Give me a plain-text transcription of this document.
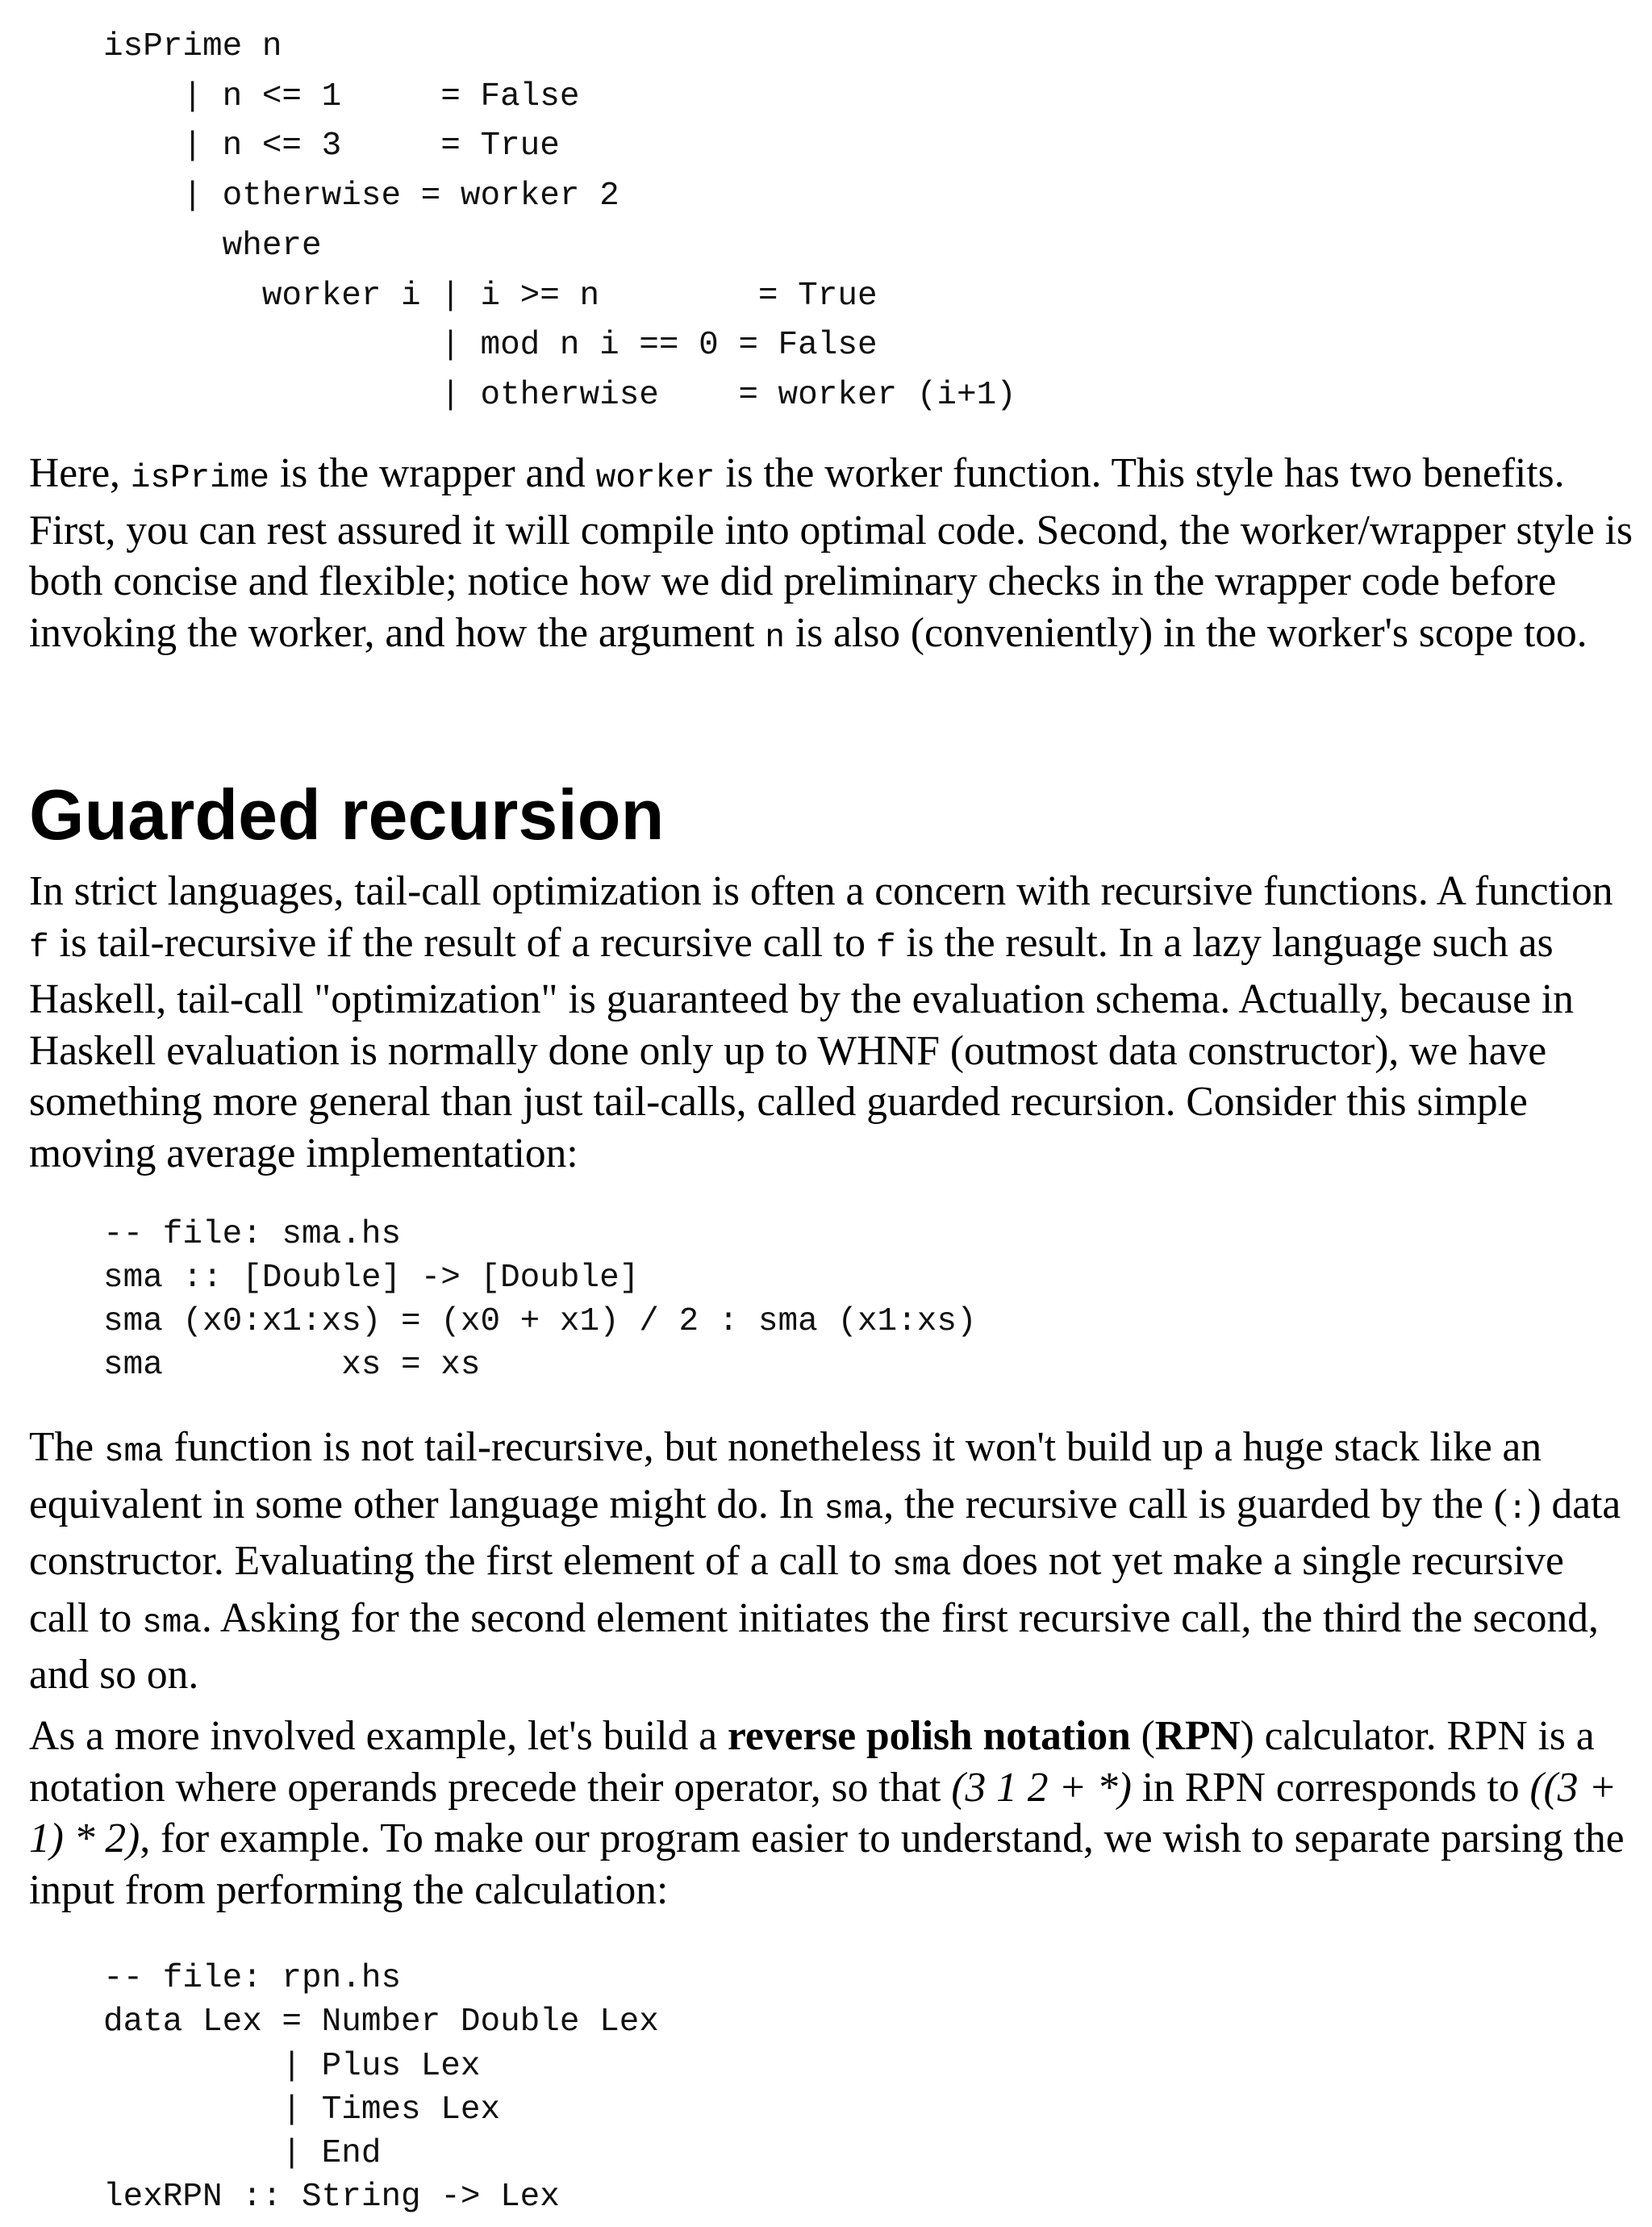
isPrime n
| n <= 1     = False
| n <= 3     = True
| otherwise = worker 2
where
worker i | i >= n        = True
| mod n i == 0 = False
| otherwise    = worker (i+1)

Here, isPrime is the wrapper and worker is the worker function. This style has two benefits. First, you can rest assured it will compile into optimal code. Second, the worker/wrapper style is both concise and flexible; notice how we did preliminary checks in the wrapper code before invoking the worker, and how the argument n is also (conveniently) in the worker's scope too.

Guarded recursion

In strict languages, tail-call optimization is often a concern with recursive functions. A function f is tail-recursive if the result of a recursive call to f is the result. In a lazy language such as Haskell, tail-call "optimization" is guaranteed by the evaluation schema. Actually, because in Haskell evaluation is normally done only up to WHNF (outmost data constructor), we have something more general than just tail-calls, called guarded recursion. Consider this simple moving average implementation:

-- file: sma.hs
sma :: [Double] -> [Double]
sma (x0:x1:xs) = (x0 + x1) / 2 : sma (x1:xs)
sma         xs = xs

The sma function is not tail-recursive, but nonetheless it won't build up a huge stack like an equivalent in some other language might do. In sma, the recursive call is guarded by the (:) data constructor. Evaluating the first element of a call to sma does not yet make a single recursive call to sma. Asking for the second element initiates the first recursive call, the third the second, and so on.

As a more involved example, let's build a reverse polish notation (RPN) calculator. RPN is a notation where operands precede their operator, so that (3 1 2 + *) in RPN corresponds to ((3 + 1) * 2), for example. To make our program easier to understand, we wish to separate parsing the input from performing the calculation:

-- file: rpn.hs
data Lex = Number Double Lex
| Plus Lex
| Times Lex
| End
lexRPN :: String -> Lex
